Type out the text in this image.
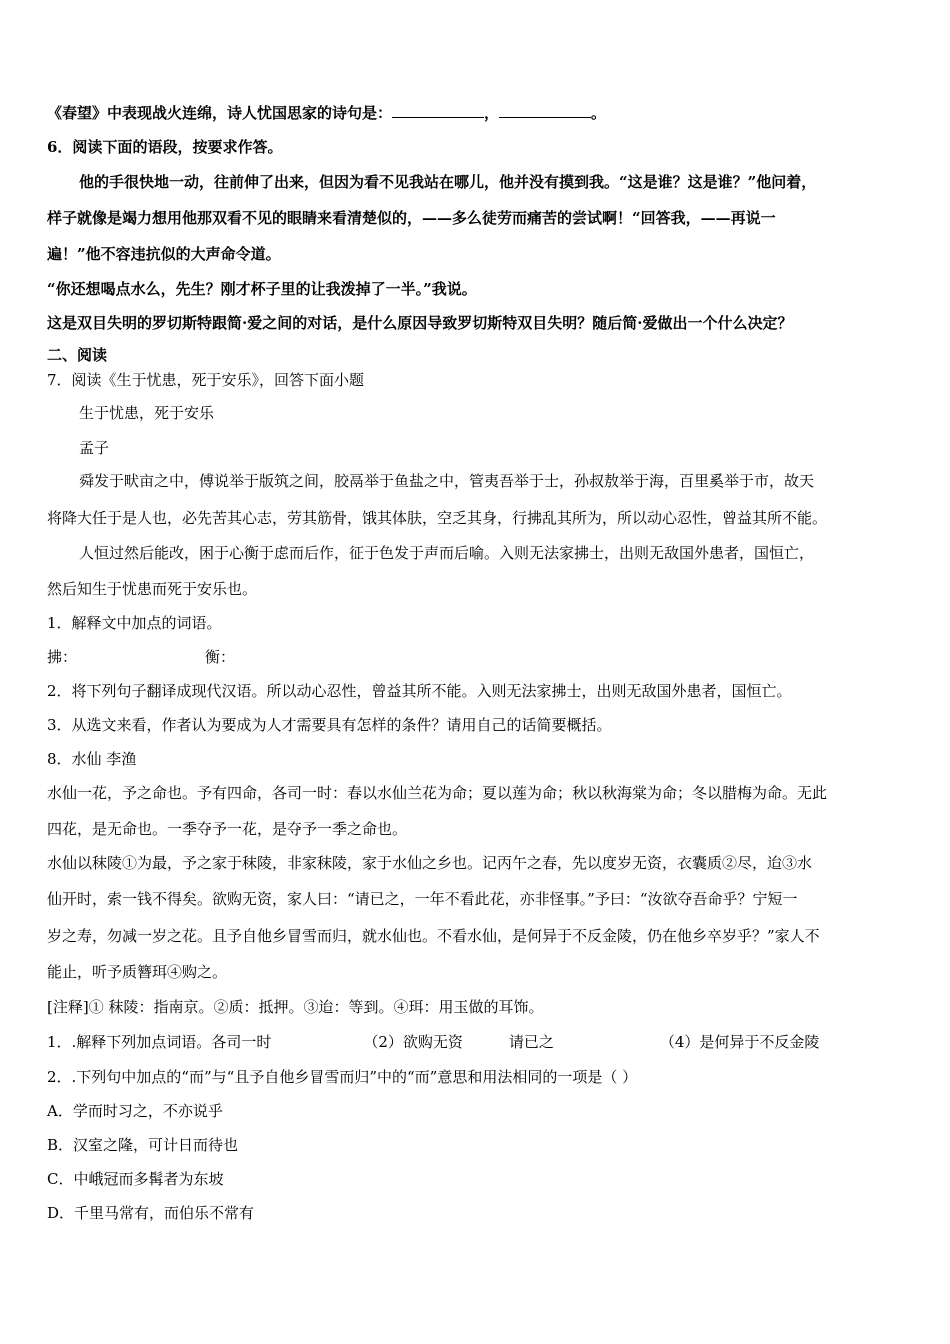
《春望》中表现战火连绵，诗人忧国思家的诗句是：	，	。
6．阅读下面的语段，按要求作答。
他的手很快地一动，往前伸了出来，但因为看不见我站在哪儿，他并没有摸到我。“这是谁？这是谁？”他问着，
样子就像是竭力想用他那双看不见的眼睛来看清楚似的，——多么徒劳而痛苦的尝试啊！“回答我，——再说一
遍！”他不容违抗似的大声命令道。
“你还想喝点水么，先生？刚才杯子里的让我泼掉了一半。”我说。
这是双目失明的罗切斯特跟简·爱之间的对话，是什么原因导致罗切斯特双目失明？随后简·爱做出一个什么决定？
二、阅读
7．阅读《生于忧患，死于安乐》，回答下面小题
生于忧患，死于安乐
孟子
舜发于畎亩之中，傅说举于版筑之间，胶鬲举于鱼盐之中，管夷吾举于士，孙叔敖举于海，百里奚举于市，故天
将降大任于是人也，必先苦其心志，劳其筋骨，饿其体肤，空乏其身，行拂乱其所为，所以动心忍性，曾益其所不能。
人恒过然后能改，困于心衡于虑而后作，征于色发于声而后喻。入则无法家拂士，出则无敌国外患者，国恒亡，
然后知生于忧患而死于安乐也。
1．解释文中加点的词语。
拂：	衡：
2．将下列句子翻译成现代汉语。所以动心忍性，曾益其所不能。入则无法家拂士，出则无敌国外患者，国恒亡。
3．从选文来看，作者认为要成为人才需要具有怎样的条件？请用自己的话简要概括。
8．水仙 李渔
水仙一花，予之命也。予有四命，各司一时：春以水仙兰花为命；夏以莲为命；秋以秋海棠为命；冬以腊梅为命。无此
四花，是无命也。一季夺予一花，是夺予一季之命也。
水仙以秣陵①为最，予之家于秣陵，非家秣陵，家于水仙之乡也。记丙午之春，先以度岁无资，衣囊质②尽，迨③水
仙开时，索一钱不得矣。欲购无资，家人曰：“请已之，一年不看此花，亦非怪事。”予曰：“汝欲夺吾命乎？宁短一
岁之寿，勿减一岁之花。且予自他乡冒雪而归，就水仙也。不看水仙，是何异于不反金陵，仍在他乡卒岁乎？”家人不
能止，听予质簪珥④购之。
[注释]① 秣陵：指南京。②质：抵押。③迨：等到。④珥：用玉做的耳饰。
1．.解释下列加点词语。各司一时	（2）欲购无资	请已之	（4）是何异于不反金陵
2．.下列句中加点的“而”与“且予自他乡冒雪而归”中的“而”意思和用法相同的一项是（ ）
A．学而时习之，不亦说乎
B．汉室之隆，可计日而待也
C．中峨冠而多髯者为东坡
D．千里马常有，而伯乐不常有
